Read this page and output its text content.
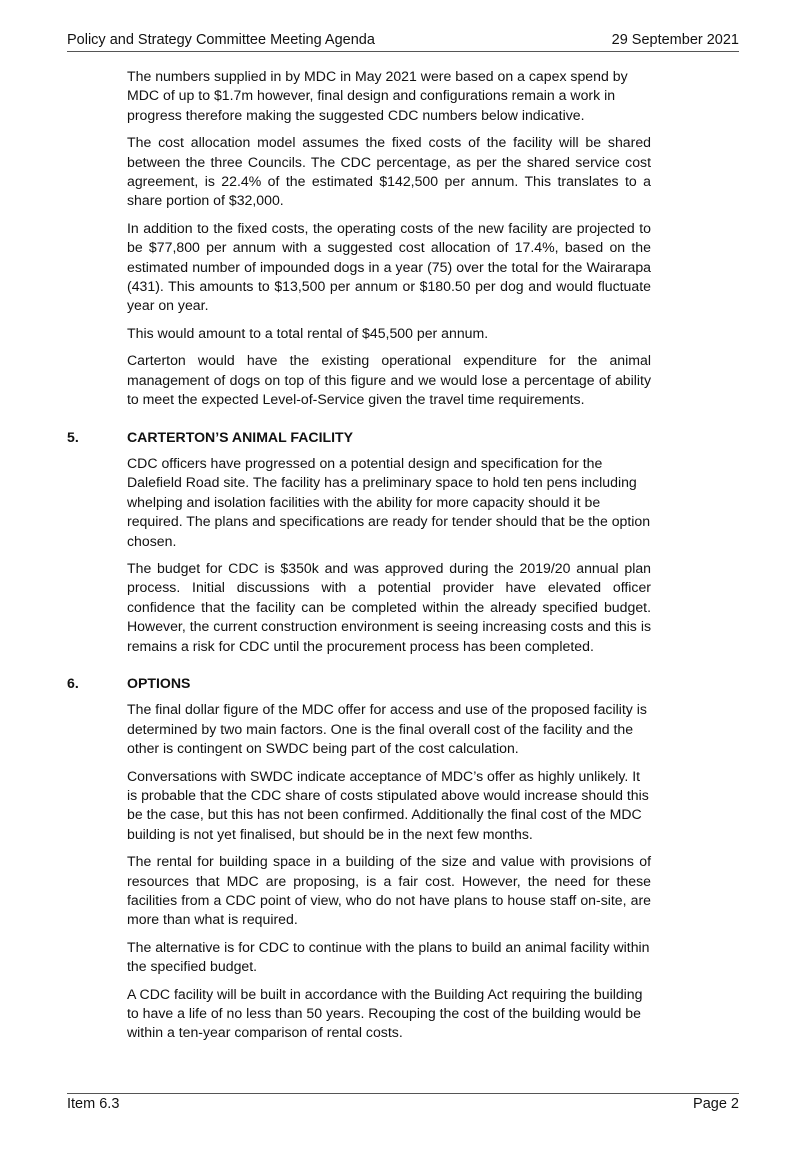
Policy and Strategy Committee Meeting Agenda	29 September 2021

The numbers supplied in by MDC in May 2021 were based on a capex spend by MDC of up to $1.7m however, final design and configurations remain a work in progress therefore making the suggested CDC numbers below indicative.

The cost allocation model assumes the fixed costs of the facility will be shared between the three Councils. The CDC percentage, as per the shared service cost agreement, is 22.4% of the estimated $142,500 per annum. This translates to a share portion of $32,000.

In addition to the fixed costs, the operating costs of the new facility are projected to be $77,800 per annum with a suggested cost allocation of 17.4%, based on the estimated number of impounded dogs in a year (75) over the total for the Wairarapa (431). This amounts to $13,500 per annum or $180.50 per dog and would fluctuate year on year.

This would amount to a total rental of $45,500 per annum.

Carterton would have the existing operational expenditure for the animal management of dogs on top of this figure and we would lose a percentage of ability to meet the expected Level-of-Service given the travel time requirements.

5.	CARTERTON’S ANIMAL FACILITY

CDC officers have progressed on a potential design and specification for the Dalefield Road site. The facility has a preliminary space to hold ten pens including whelping and isolation facilities with the ability for more capacity should it be required. The plans and specifications are ready for tender should that be the option chosen.

The budget for CDC is $350k and was approved during the 2019/20 annual plan process. Initial discussions with a potential provider have elevated officer confidence that the facility can be completed within the already specified budget. However, the current construction environment is seeing increasing costs and this is remains a risk for CDC until the procurement process has been completed.

6.	OPTIONS

The final dollar figure of the MDC offer for access and use of the proposed facility is determined by two main factors. One is the final overall cost of the facility and the other is contingent on SWDC being part of the cost calculation.

Conversations with SWDC indicate acceptance of MDC’s offer as highly unlikely. It is probable that the CDC share of costs stipulated above would increase should this be the case, but this has not been confirmed. Additionally the final cost of the MDC building is not yet finalised, but should be in the next few months.

The rental for building space in a building of the size and value with provisions of resources that MDC are proposing, is a fair cost. However, the need for these facilities from a CDC point of view, who do not have plans to house staff on-site, are more than what is required.

The alternative is for CDC to continue with the plans to build an animal facility within the specified budget.

A CDC facility will be built in accordance with the Building Act requiring the building to have a life of no less than 50 years. Recouping the cost of the building would be within a ten-year comparison of rental costs.

Item 6.3	Page 2
